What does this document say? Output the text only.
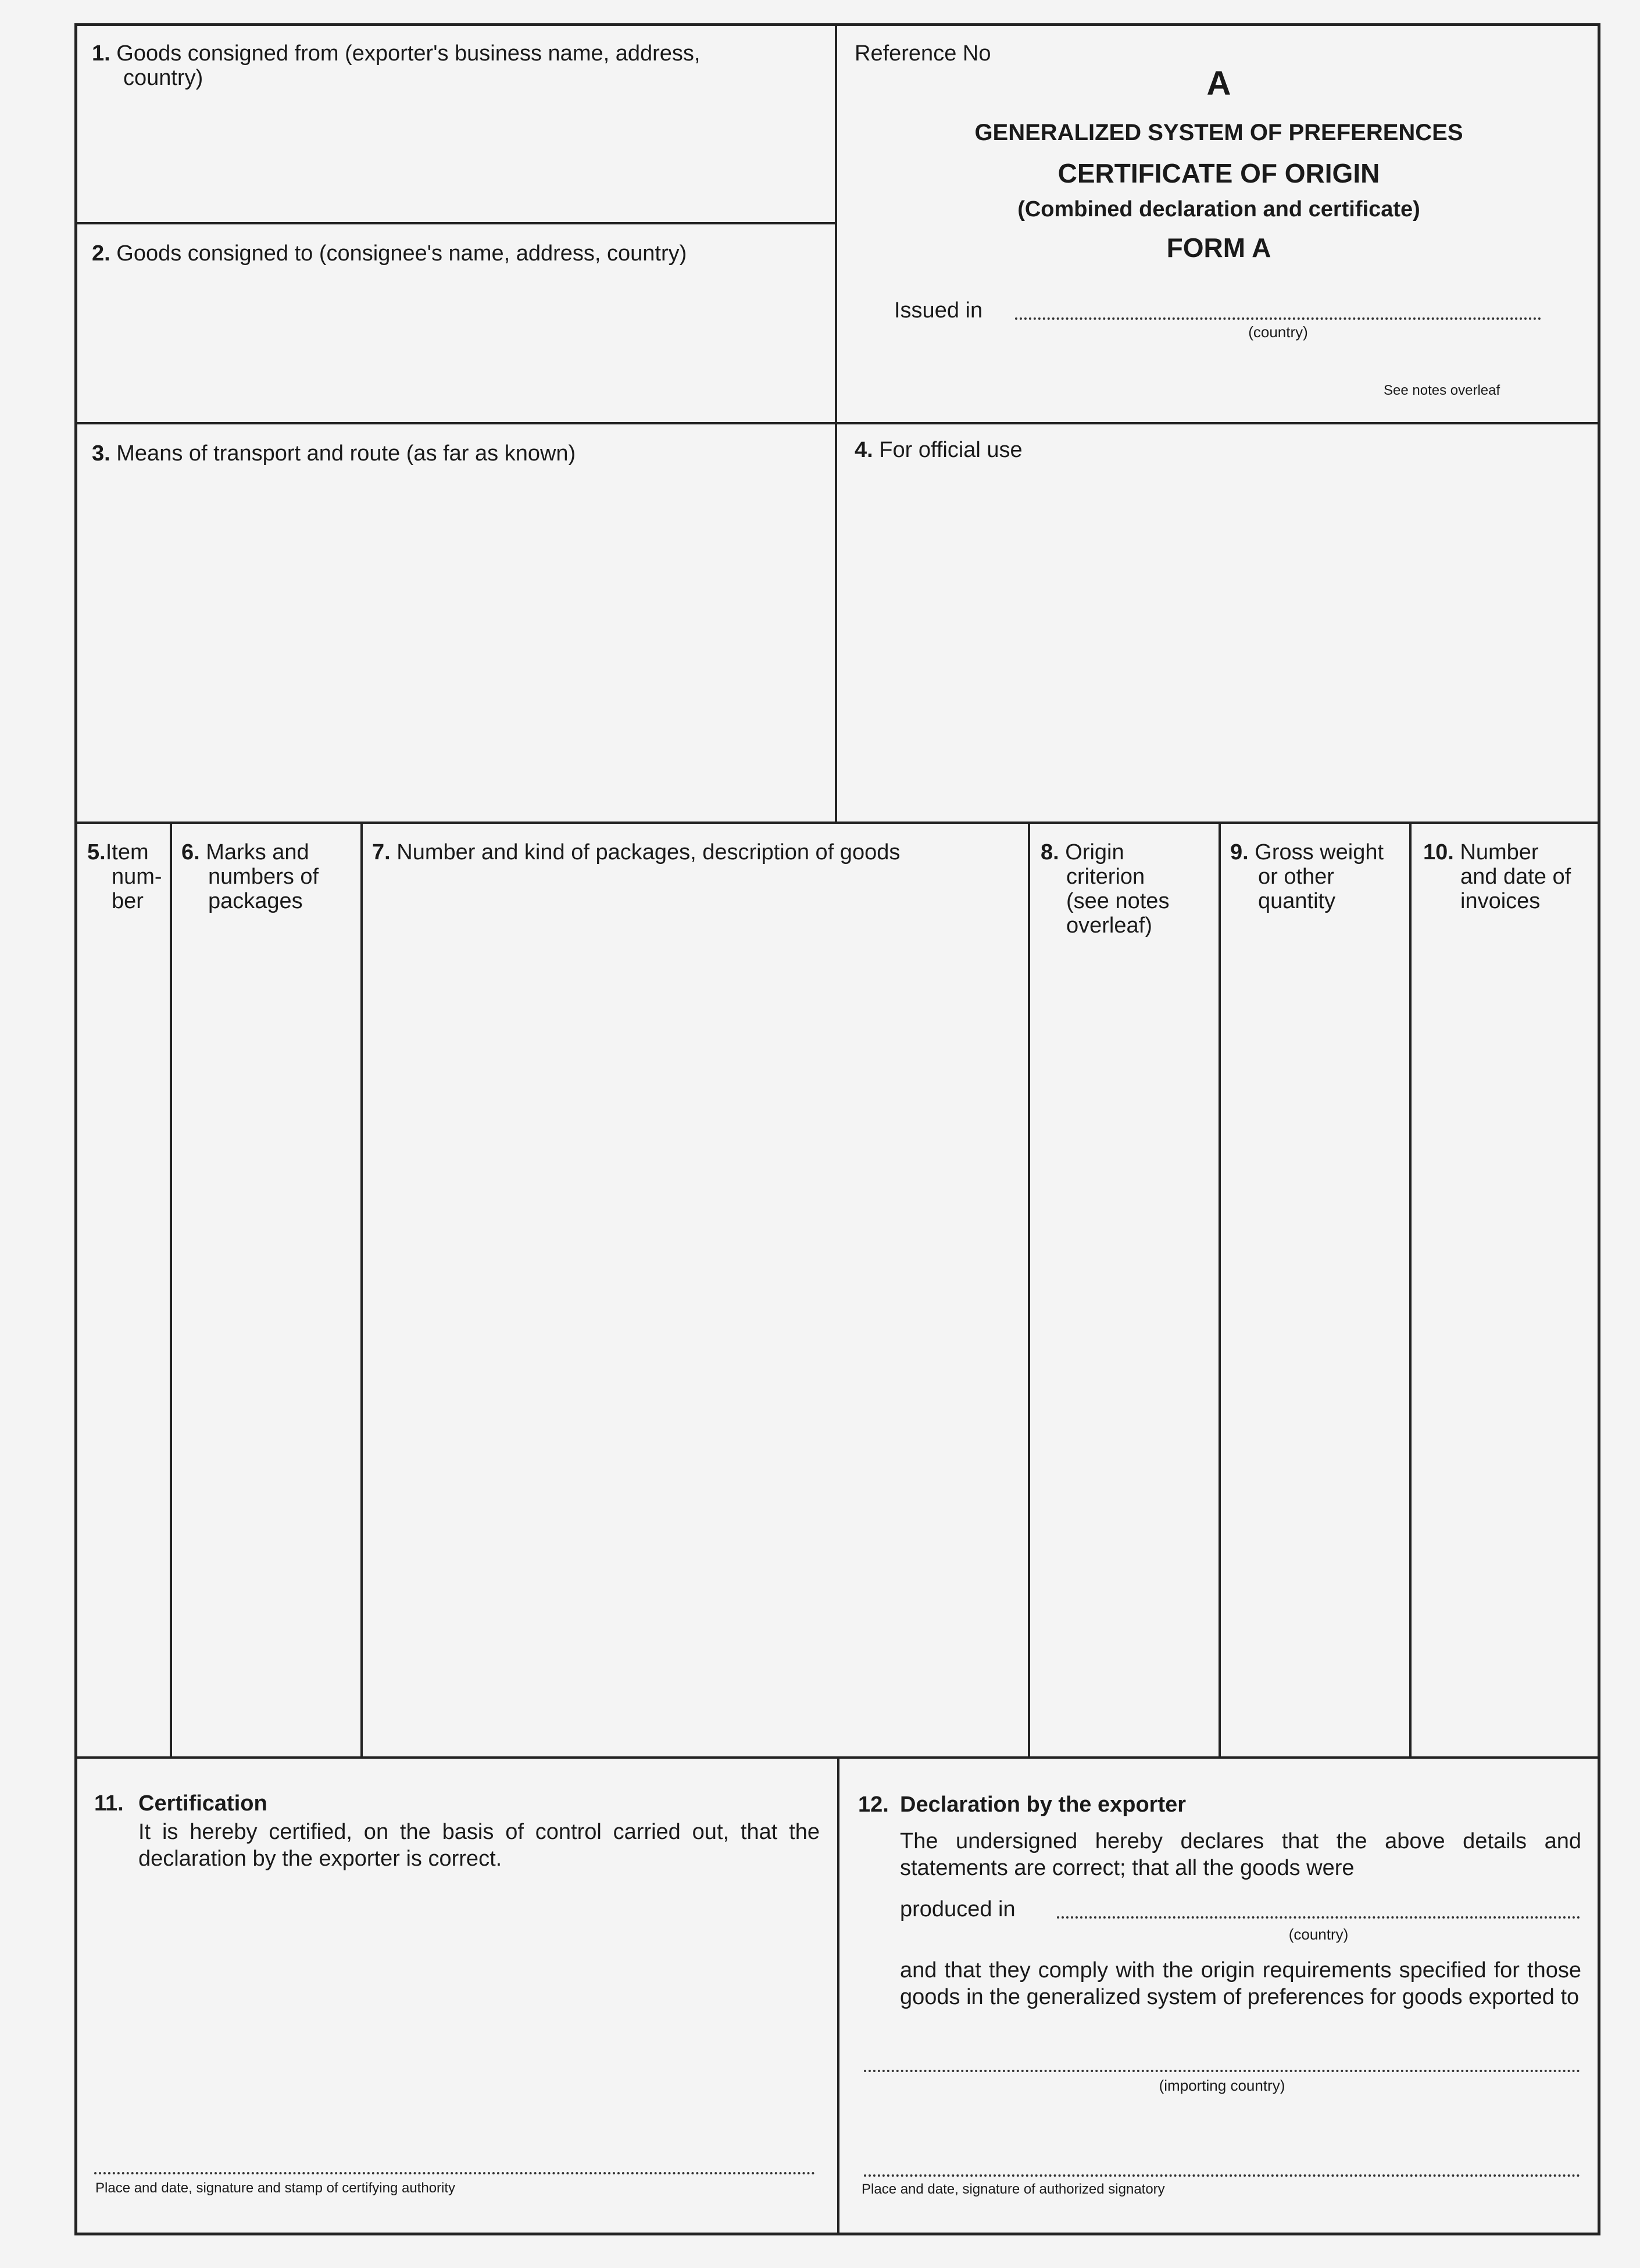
1. Goods consigned from (exporter's business name, address,
country)
2. Goods consigned to (consignee's name, address, country)
Reference No
A
GENERALIZED SYSTEM OF PREFERENCES
CERTIFICATE OF ORIGIN
(Combined declaration and certificate)
FORM A
Issued in
(country)
See notes overleaf
3. Means of transport and route (as far as known)	4. For official use
5.Item
num-
ber
6. Marks and
numbers of
packages
7. Number and kind of packages, description of goods	8. Origin
criterion
(see notes
overleaf)
9. Gross weight
or other
quantity
10. Number
and date of
invoices
11. Certification
It is hereby certified, on the basis of control carried out, that the declaration by the exporter is correct.
Place and date, signature and stamp of certifying authority
12. Declaration by the exporter
The undersigned hereby declares that the above details and statements are correct; that all the goods were
produced in
(country)
and that they comply with the origin requirements specified for those goods in the generalized system of preferences for goods exported to
(importing country)
Place and date, signature of authorized signatory
